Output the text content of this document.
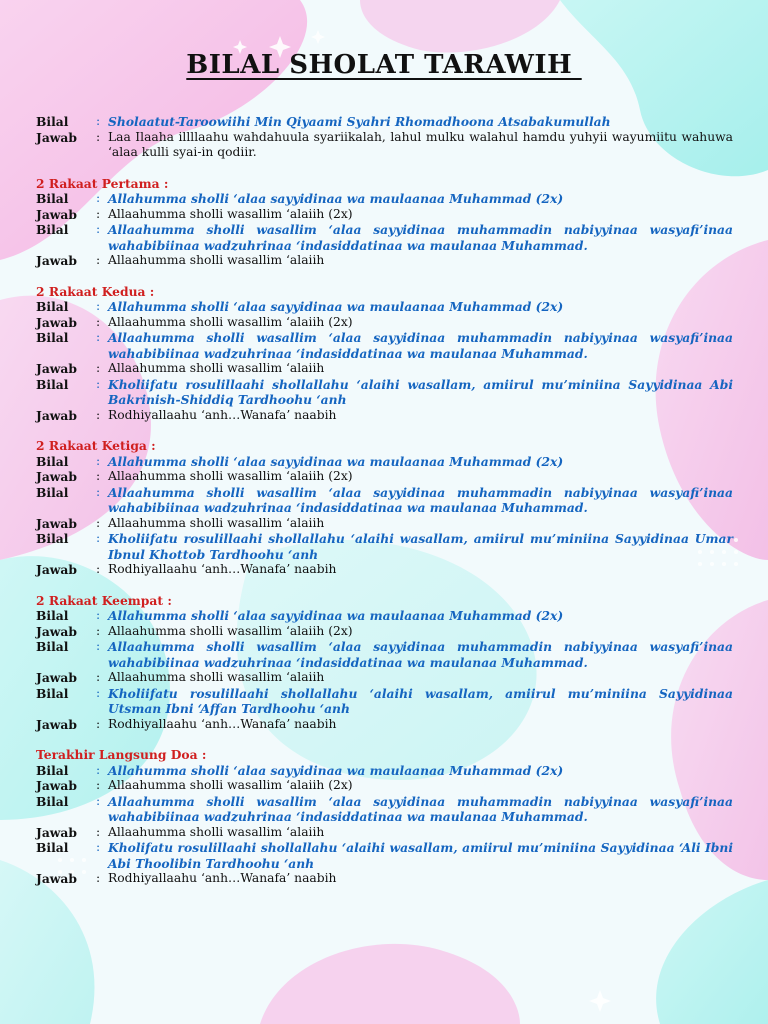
BILAL SHOLAT TARAWIH
Bilal	: Sholaatut-Taroowiihi Min Qiyaami Syahri Rhomadhoona Atsabakumullah
Jawab	: Laa Ilaaha illllaahu wahdahuula syariikalah, lahul mulku walahul hamdu yuhyii wayumiitu wahuwa ‘alaa kulli syai-in qodiir.
2 Rakaat Pertama :
Bilal	: Allahumma sholli ‘alaa sayyidinaa wa maulaanaa Muhammad (2x)
Jawab	: Allaahumma sholli wasallim ‘alaiih (2x)
Bilal	: Allaahumma sholli wasallim ‘alaa sayyidinaa muhammadin nabiyyinaa wasyafi’inaa wahabibiinaa wadzuhrinaa ‘indasiddatinaa wa maulanaa Muhammad.
Jawab	: Allaahumma sholli wasallim ‘alaiih
2 Rakaat Kedua :
Bilal	: Allahumma sholli ‘alaa sayyidinaa wa maulaanaa Muhammad (2x)
Jawab	: Allaahumma sholli wasallim ‘alaiih (2x)
Bilal	: Allaahumma sholli wasallim ‘alaa sayyidinaa muhammadin nabiyyinaa wasyafi’inaa wahabibiinaa wadzuhrinaa ‘indasiddatinaa wa maulanaa Muhammad.
Jawab	: Allaahumma sholli wasallim ‘alaiih
Bilal	: Kholiifatu rosulillaahi shollallahu ‘alaihi wasallam, amiirul mu’miniina Sayyidinaa Abi Bakrinish-Shiddiq Tardhoohu ‘anh
Jawab	: Rodhiyallaahu ‘anh…Wanafa’ naabih
2 Rakaat Ketiga :
Bilal	: Allahumma sholli ‘alaa sayyidinaa wa maulaanaa Muhammad (2x)
Jawab	: Allaahumma sholli wasallim ‘alaiih (2x)
Bilal	: Allaahumma sholli wasallim ‘alaa sayyidinaa muhammadin nabiyyinaa wasyafi’inaa wahabibiinaa wadzuhrinaa ‘indasiddatinaa wa maulanaa Muhammad.
Jawab	: Allaahumma sholli wasallim ‘alaiih
Bilal	: Kholiifatu rosulillaahi shollallahu ‘alaihi wasallam, amiirul mu’miniina Sayyidinaa Umar Ibnul Khottob Tardhoohu ‘anh
Jawab	: Rodhiyallaahu ‘anh…Wanafa’ naabih
2 Rakaat Keempat :
Bilal	: Allahumma sholli ‘alaa sayyidinaa wa maulaanaa Muhammad (2x)
Jawab	: Allaahumma sholli wasallim ‘alaiih (2x)
Bilal	: Allaahumma sholli wasallim ‘alaa sayyidinaa muhammadin nabiyyinaa wasyafi’inaa wahabibiinaa wadzuhrinaa ‘indasiddatinaa wa maulanaa Muhammad.
Jawab	: Allaahumma sholli wasallim ‘alaiih
Bilal	: Kholiifatu rosulillaahi shollallahu ‘alaihi wasallam, amiirul mu’miniina Sayyidinaa Utsman Ibni ‘Affan Tardhoohu ‘anh
Jawab	: Rodhiyallaahu ‘anh…Wanafa’ naabih
Terakhir Langsung Doa :
Bilal	: Allahumma sholli ‘alaa sayyidinaa wa maulaanaa Muhammad (2x)
Jawab	: Allaahumma sholli wasallim ‘alaiih (2x)
Bilal	: Allaahumma sholli wasallim ‘alaa sayyidinaa muhammadin nabiyyinaa wasyafi’inaa wahabibiinaa wadzuhrinaa ‘indasiddatinaa wa maulanaa Muhammad.
Jawab	: Allaahumma sholli wasallim ‘alaiih
Bilal	: Kholifatu rosulillaahi shollallahu ‘alaihi wasallam, amiirul mu’miniina Sayyidinaa ‘Ali Ibni Abi Thoolibin Tardhoohu ‘anh
Jawab	: Rodhiyallaahu ‘anh…Wanafa’ naabih
